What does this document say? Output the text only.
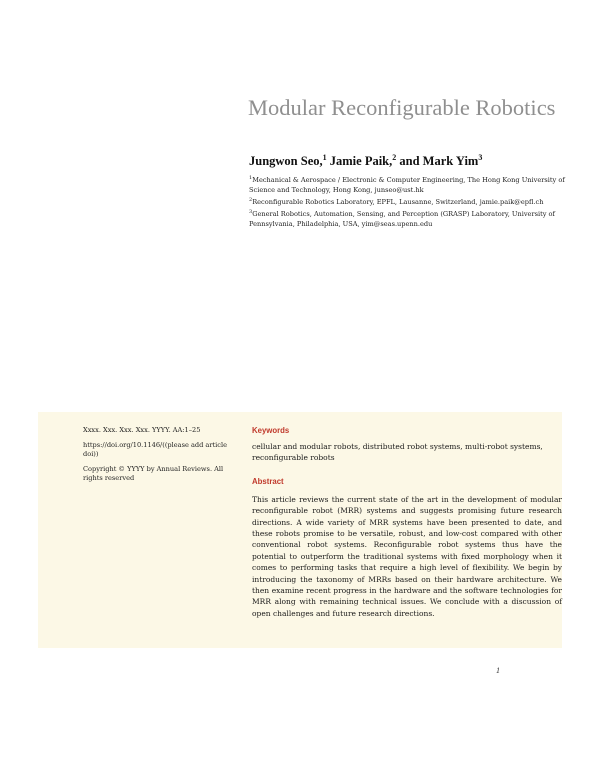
Modular Reconfigurable Robotics
Jungwon Seo,$^1$ Jamie Paik,$^2$ and Mark Yim$^3$

$^1$Mechanical & Aerospace / Electronic & Computer Engineering, The Hong Kong University of Science and Technology, Hong Kong, junseo@ust.hk

$^2$Reconfigurable Robotics Laboratory, EPFL, Lausanne, Switzerland, jamie.paik@epfl.ch

$^3$General Robotics, Automation, Sensing, and Perception (GRASP) Laboratory, University of Pennsylvania, Philadelphia, USA, yim@seas.upenn.edu

Xxxx. Xxx. Xxx. Xxx. YYYY. AA:1–25

https://doi.org/10.1146/((please add article doi))

Copyright © YYYY by Annual Reviews. All rights reserved

Keywords

cellular and modular robots, distributed robot systems, multi-robot systems, reconfigurable robots

Abstract

This article reviews the current state of the art in the development of modular reconfigurable robot (MRR) systems and suggests promising future research directions. A wide variety of MRR systems have been presented to date, and these robots promise to be versatile, robust, and low-cost compared with other conventional robot systems. Reconfigurable robot systems thus have the potential to outperform the traditional systems with fixed morphology when it comes to performing tasks that require a high level of flexibility. We begin by introducing the taxonomy of MRRs based on their hardware architecture. We then examine recent progress in the hardware and the software technologies for MRR along with remaining technical issues. We conclude with a discussion of open challenges and future research directions.

1
